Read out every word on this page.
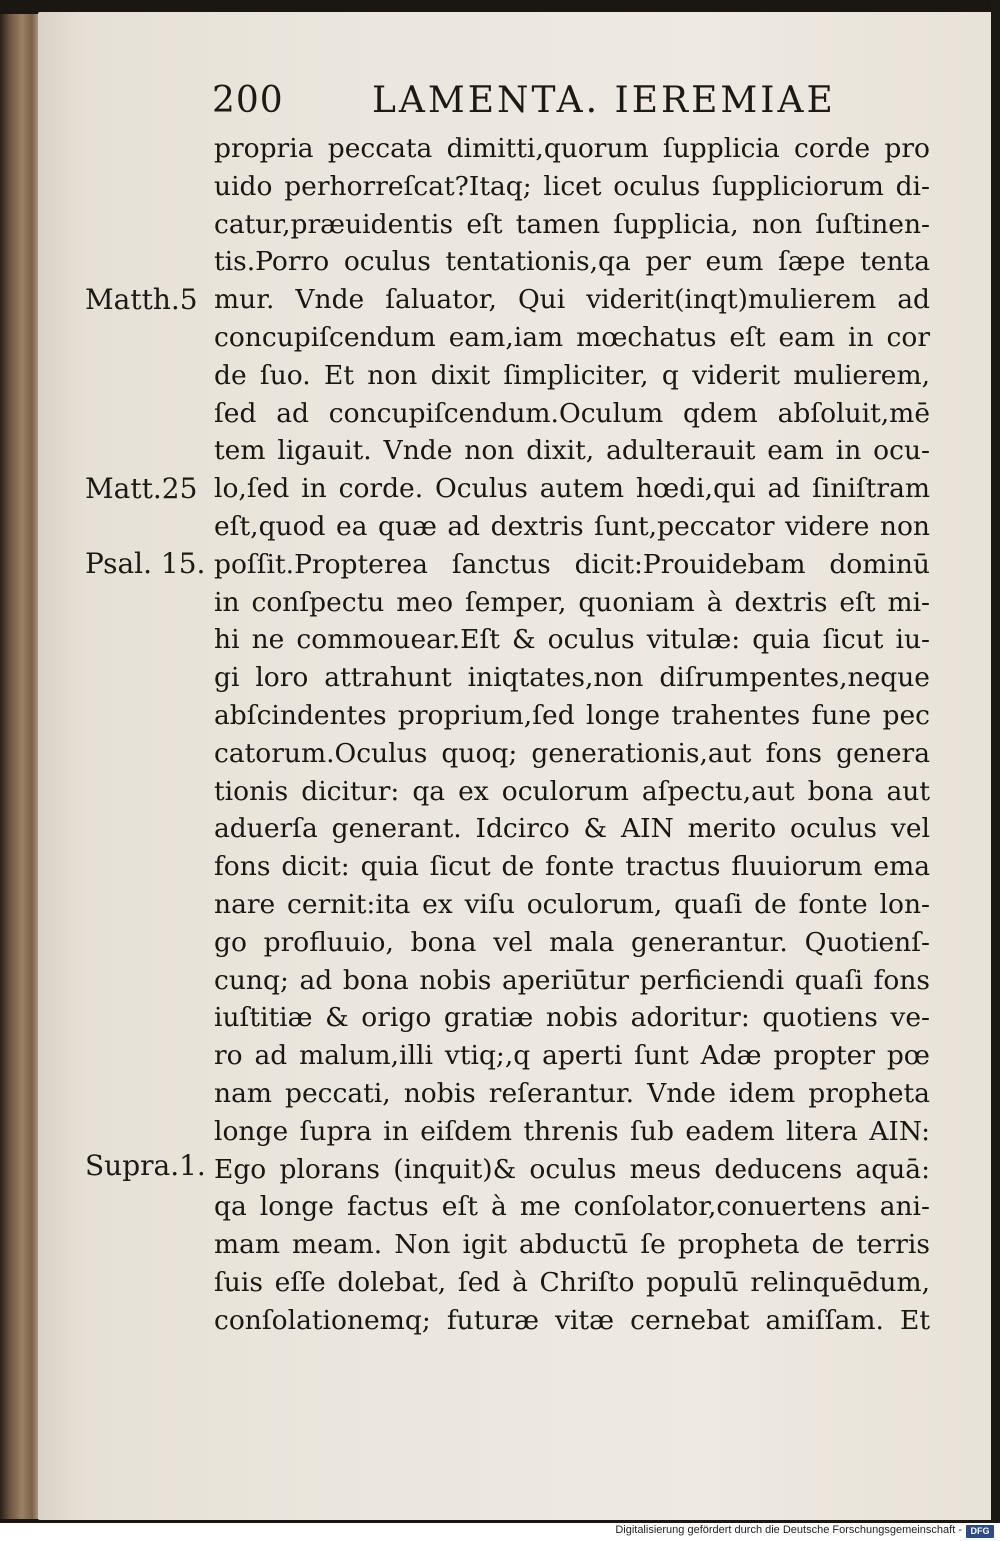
200 LAMENTA. IEREMIAE
propria peccata dimitti,quorum ſupplicia corde pro
uido perhorreſcat?Itaq; licet oculus ſuppliciorum di-
catur,præuidentis eſt tamen ſupplicia, non ſuſtinen-
tis.Porro oculus tentationis,qa per eum ſæpe tenta
mur. Vnde ſaluator, Qui viderit(inqt)mulierem ad
concupiſcendum eam,iam mœchatus eſt eam in cor
de ſuo. Et non dixit ſimpliciter, q viderit mulierem,
ſed ad concupiſcendum.Oculum qdem abſoluit,mē
tem ligauit. Vnde non dixit, adulterauit eam in ocu-
lo,ſed in corde. Oculus autem hœdi,qui ad ſiniſtram
eſt,quod ea quæ ad dextris ſunt,peccator videre non
poſſit.Propterea ſanctus dicit:Prouidebam dominū
in conſpectu meo ſemper, quoniam à dextris eſt mi-
hi ne commouear.Eſt & oculus vitulæ: quia ſicut iu-
gi loro attrahunt iniqtates,non diſrumpentes,neque
abſcindentes proprium,ſed longe trahentes fune pec
catorum.Oculus quoq; generationis,aut fons genera
tionis dicitur: qa ex oculorum aſpectu,aut bona aut
aduerſa generant. Idcirco & AIN merito oculus vel
fons dicit: quia ſicut de fonte tractus fluuiorum ema
nare cernit:ita ex viſu oculorum, quaſi de fonte lon-
go profluuio, bona vel mala generantur. Quotienſ-
cunq; ad bona nobis aperiūtur perficiendi quaſi fons
iuſtitiæ & origo gratiæ nobis adoritur: quotiens ve-
ro ad malum,illi vtiq;,q aperti ſunt Adæ propter pœ
nam peccati, nobis reſerantur. Vnde idem propheta
longe ſupra in eiſdem threnis ſub eadem litera AIN:
Ego plorans (inquit)& oculus meus deducens aquā:
qa longe factus eſt à me conſolator,conuertens ani-
mam meam. Non igit abductū ſe propheta de terris
ſuis eſſe dolebat, ſed à Chriſto populū relinquēdum,
conſolationemq; futuræ vitæ cernebat amiſſam. Et
Matth.5
Matt.25
Psal. 15.
Supra.1.
Digitalisierung gefördert durch die Deutsche Forschungsgemeinschaft - DFG
